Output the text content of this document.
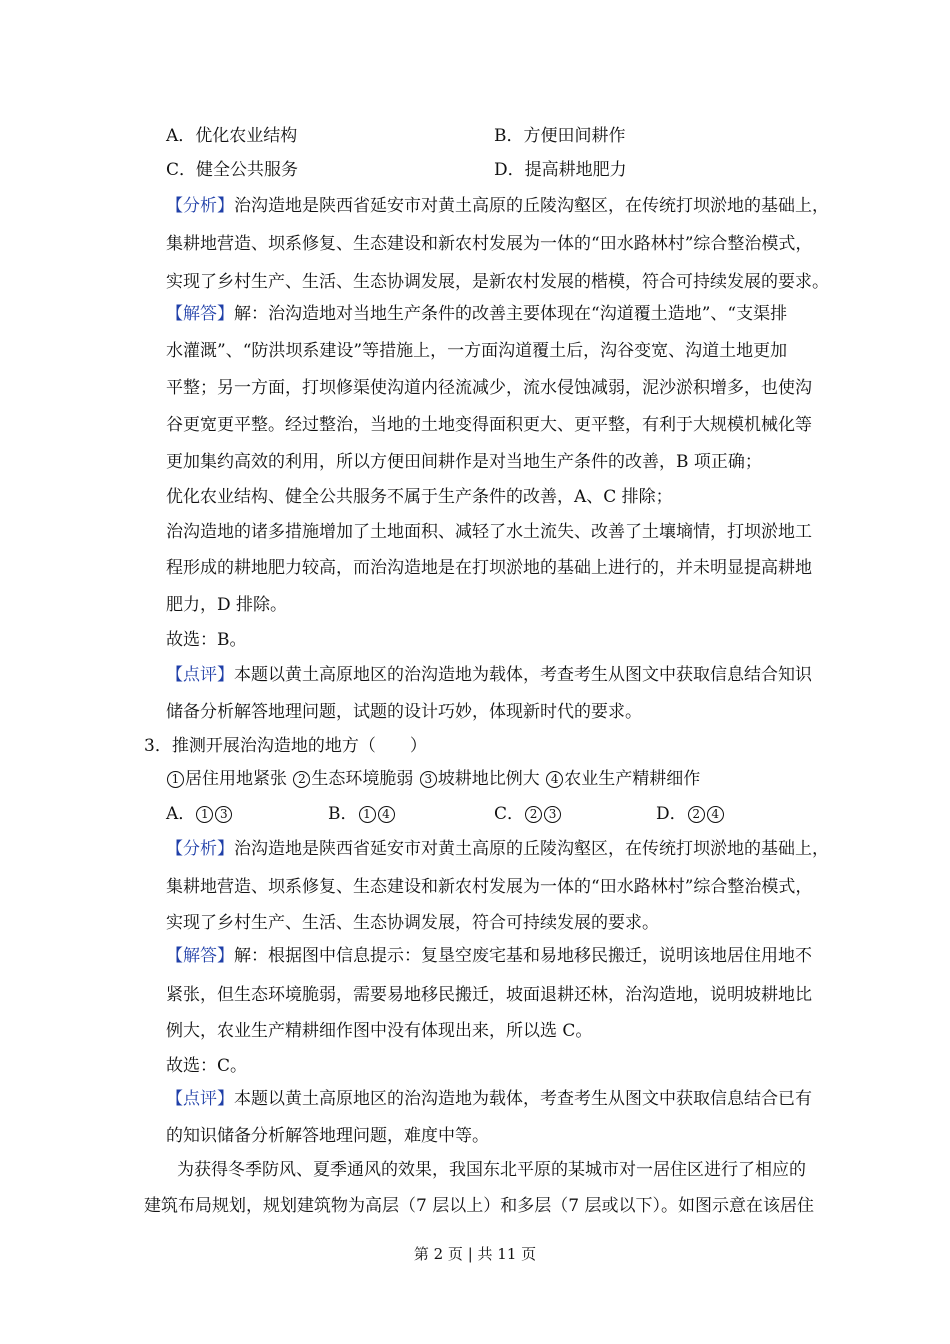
A．优化农业结构	B．方便田间耕作
C．健全公共服务	D．提高耕地肥力
【分析】治沟造地是陕西省延安市对黄土高原的丘陵沟壑区，在传统打坝淤地的基础上，
集耕地营造、坝系修复、生态建设和新农村发展为一体的“田水路林村”综合整治模式，
实现了乡村生产、生活、生态协调发展，是新农村发展的楷模，符合可持续发展的要求。
【解答】解：治沟造地对当地生产条件的改善主要体现在“沟道覆土造地”、“支渠排
水灌溉”、“防洪坝系建设”等措施上，一方面沟道覆土后，沟谷变宽、沟道土地更加
平整；另一方面，打坝修渠使沟道内径流减少，流水侵蚀减弱，泥沙淤积增多，也使沟
谷更宽更平整。经过整治，当地的土地变得面积更大、更平整，有利于大规模机械化等
更加集约高效的利用，所以方便田间耕作是对当地生产条件的改善，B 项正确；
优化农业结构、健全公共服务不属于生产条件的改善，A、C 排除；
治沟造地的诸多措施增加了土地面积、减轻了水土流失、改善了土壤墒情，打坝淤地工
程形成的耕地肥力较高，而治沟造地是在打坝淤地的基础上进行的，并未明显提高耕地
肥力，D 排除。
故选：B。
【点评】本题以黄土高原地区的治沟造地为载体，考查考生从图文中获取信息结合知识
储备分析解答地理问题，试题的设计巧妙，体现新时代的要求。
3．推测开展治沟造地的地方（　　）
1 居住用地紧张 2 生态环境脆弱 3 坡耕地比例大 4 农业生产精耕细作
A． 1 3	B． 1 4	C． 2 3	D． 2 4
【分析】治沟造地是陕西省延安市对黄土高原的丘陵沟壑区，在传统打坝淤地的基础上，
集耕地营造、坝系修复、生态建设和新农村发展为一体的“田水路林村”综合整治模式，
实现了乡村生产、生活、生态协调发展，符合可持续发展的要求。
【解答】解：根据图中信息提示：复垦空废宅基和易地移民搬迁，说明该地居住用地不
紧张，但生态环境脆弱，需要易地移民搬迁，坡面退耕还林，治沟造地，说明坡耕地比
例大，农业生产精耕细作图中没有体现出来，所以选 C。
故选：C。
【点评】本题以黄土高原地区的治沟造地为载体，考查考生从图文中获取信息结合已有
的知识储备分析解答地理问题，难度中等。
为获得冬季防风、夏季通风的效果，我国东北平原的某城市对一居住区进行了相应的
建筑布局规划，规划建筑物为高层（7 层以上）和多层（7 层或以下）。如图示意在该居住
第 2 页 | 共 11 页
